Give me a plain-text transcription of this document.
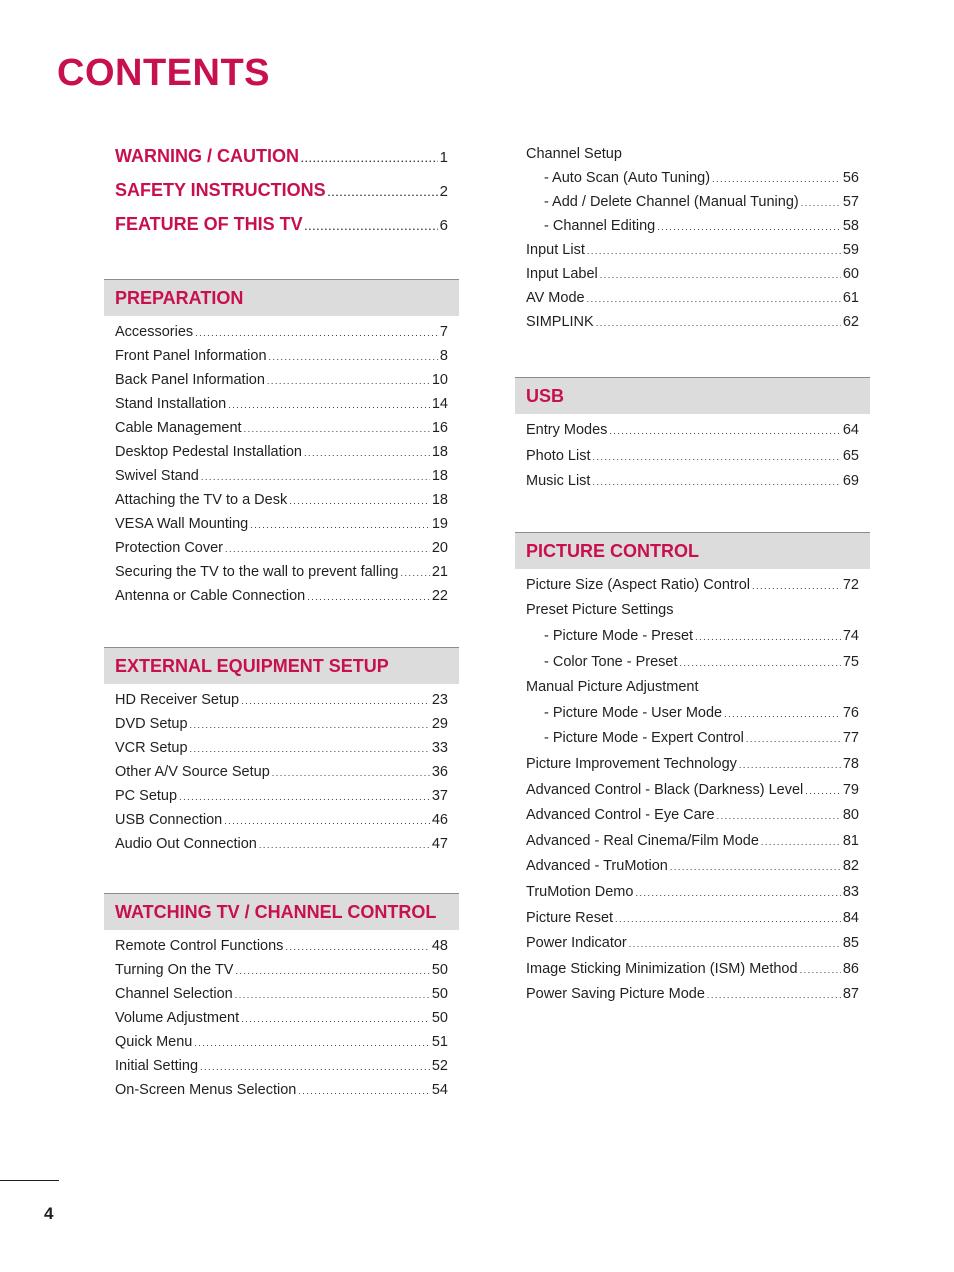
CONTENTS
WARNING / CAUTION .....	1
SAFETY INSTRUCTIONS .....	2
FEATURE OF THIS TV .....	6
PREPARATION
Accessories .....	7
Front Panel Information .....	8
Back Panel Information .....	10
Stand Installation .....	14
Cable Management .....	16
Desktop Pedestal Installation .....	18
Swivel Stand .....	18
Attaching the TV to a Desk .....	18
VESA Wall Mounting .....	19
Protection Cover .....	20
Securing the TV to the wall to prevent falling ..... 21
Antenna or Cable Connection .....	22
EXTERNAL EQUIPMENT SETUP
HD Receiver Setup .....	23
DVD Setup .....	29
VCR Setup .....	33
Other A/V Source Setup .....	36
PC Setup .....	37
USB Connection .....	46
Audio Out Connection .....	47
WATCHING TV / CHANNEL CONTROL
Remote Control Functions .....	48
Turning On the TV .....	50
Channel Selection .....	50
Volume Adjustment .....	50
Quick Menu .....	51
Initial Setting .....	52
On-Screen Menus Selection .....	54
Channel Setup
- Auto Scan (Auto Tuning) .....	56
- Add / Delete Channel (Manual Tuning) .....	57
- Channel Editing .....	58
Input List .....	59
Input Label .....	60
AV Mode .....	61
SIMPLINK .....	62
USB
Entry Modes .....	64
Photo List .....	65
Music List .....	69
PICTURE CONTROL
Picture Size (Aspect Ratio) Control .....	72
Preset Picture Settings
- Picture Mode - Preset .....	74
- Color Tone - Preset .....	75
Manual Picture Adjustment
- Picture Mode - User Mode .....	76
- Picture Mode - Expert Control .....	77
Picture Improvement Technology .....	78
Advanced Control - Black (Darkness) Level .....	79
Advanced Control - Eye Care .....	80
Advanced - Real Cinema/Film Mode .....	81
Advanced - TruMotion .....	82
TruMotion Demo .....	83
Picture Reset .....	84
Power Indicator .....	85
Image Sticking Minimization (ISM) Method .....	86
Power Saving Picture Mode .....	87
4
